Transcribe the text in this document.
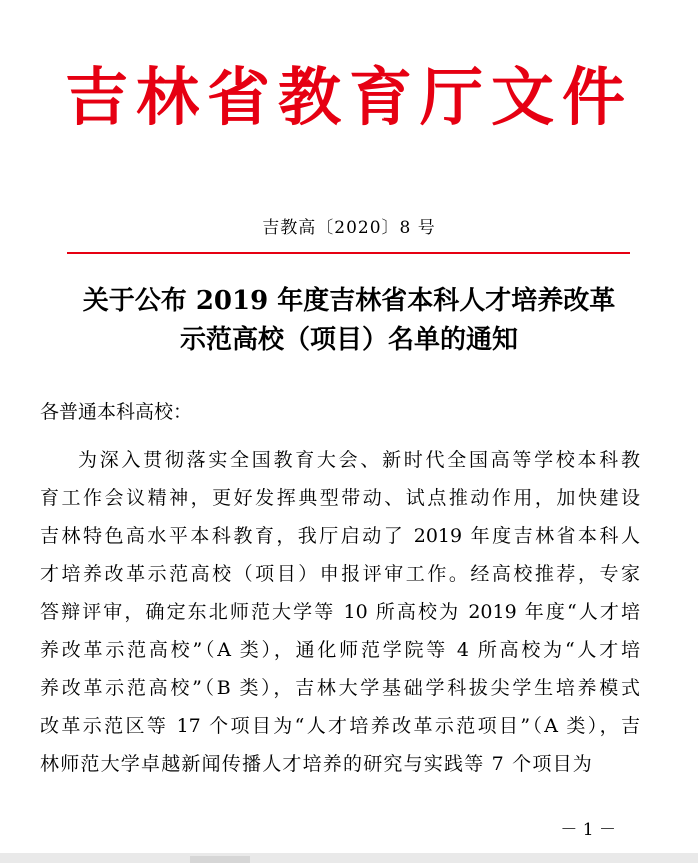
吉林省教育厅文件
吉教高〔2020〕8 号
关于公布 2019 年度吉林省本科人才培养改革
示范高校（项目）名单的通知
各普通本科高校：
为深入贯彻落实全国教育大会、新时代全国高等学校本科教
育工作会议精神，更好发挥典型带动、试点推动作用，加快建设
吉林特色高水平本科教育，我厅启动了 2019 年度吉林省本科人
才培养改革示范高校（项目）申报评审工作。经高校推荐，专家
答辩评审，确定东北师范大学等 10 所高校为 2019 年度“人才培
养改革示范高校”（A 类），通化师范学院等 4 所高校为“人才培
养改革示范高校”（B 类），吉林大学基础学科拔尖学生培养模式
改革示范区等 17 个项目为“人才培养改革示范项目”（A 类），吉
林师范大学卓越新闻传播人才培养的研究与实践等 7 个项目为
－ 1 －
